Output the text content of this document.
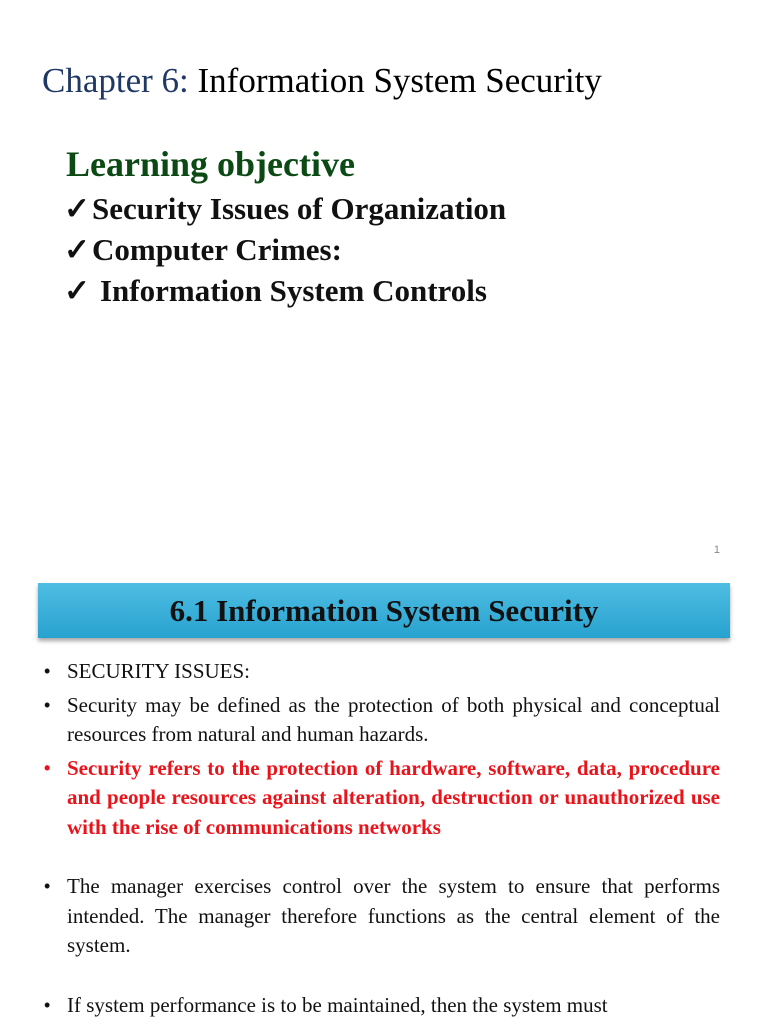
Chapter 6: Information System Security
Learning objective
✓Security Issues of Organization
✓Computer Crimes:
✓ Information System Controls
1
6.1 Information System Security
• SECURITY ISSUES:
• Security may be defined as the protection of both physical and conceptual resources from natural and human hazards.
• Security refers to the protection of hardware, software, data, procedure and people resources against alteration, destruction or unauthorized use with the rise of communications networks
• The manager exercises control over the system to ensure that performs intended. The manager therefore functions as the central element of the system.
• If system performance is to be maintained, then the system must
